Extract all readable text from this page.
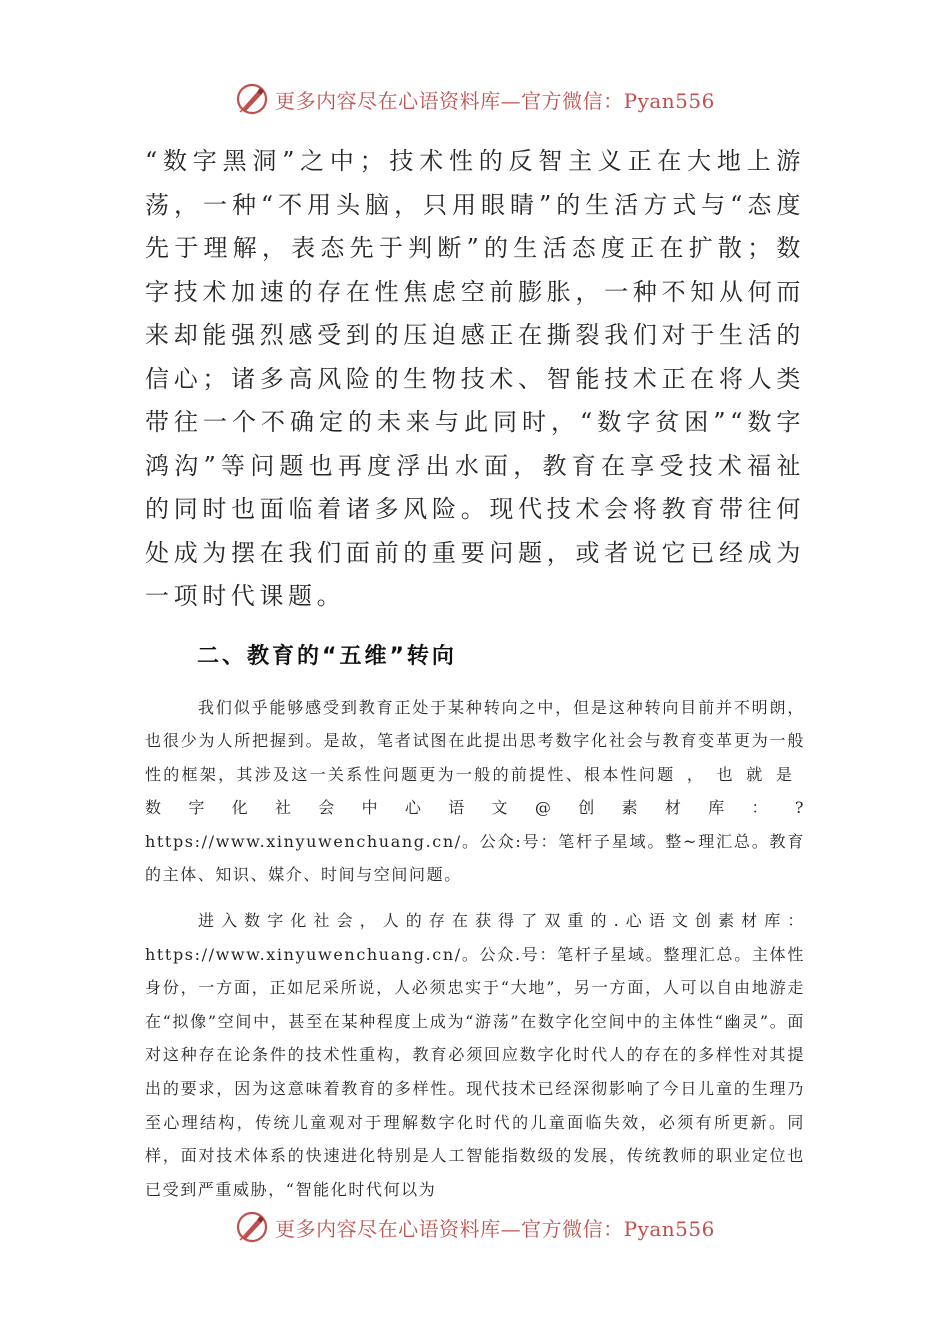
更多内容尽在心语资料库—官方微信：Pyan556

“数字黑洞”之中；技术性的反智主义正在大地上游荡，一种“不用头脑，只用眼睛”的生活方式与“态度先于理解，表态先于判断”的生活态度正在扩散；数字技术加速的存在性焦虑空前膨胀，一种不知从何而来却能强烈感受到的压迫感正在撕裂我们对于生活的信心；诸多高风险的生物技术、智能技术正在将人类带往一个不确定的未来与此同时，“数字贫困”“数字鸿沟”等问题也再度浮出水面，教育在享受技术福祉的同时也面临着诸多风险。现代技术会将教育带往何处成为摆在我们面前的重要问题，或者说它已经成为一项时代课题。

二、教育的“五维”转向

我们似乎能够感受到教育正处于某种转向之中，但是这种转向目前并不明朗，也很少为人所把握到。是故，笔者试图在此提出思考数字化社会与教育变革更为一般性的框架，其涉及这一关系性问题更为一般的前提性、根本性问题，也就是数字化社会中心语文@创素材库：?https://www.xinyuwenchuang.cn/。公众:号：笔杆子星域。整~理汇总。教育的主体、知识、媒介、时间与空间问题。

进入数字化社会，人的存在获得了双重的.心语文创素材库：https://www.xinyuwenchuang.cn/。公众.号：笔杆子星域。整理汇总。主体性身份，一方面，正如尼采所说，人必须忠实于“大地”，另一方面，人可以自由地游走在“拟像”空间中，甚至在某种程度上成为“游荡”在数字化空间中的主体性“幽灵”。面对这种存在论条件的技术性重构，教育必须回应数字化时代人的存在的多样性对其提出的要求，因为这意味着教育的多样性。现代技术已经深彻影响了今日儿童的生理乃至心理结构，传统儿童观对于理解数字化时代的儿童面临失效，必须有所更新。同样，面对技术体系的快速进化特别是人工智能指数级的发展，传统教师的职业定位也已受到严重威胁，“智能化时代何以为

更多内容尽在心语资料库—官方微信：Pyan556
